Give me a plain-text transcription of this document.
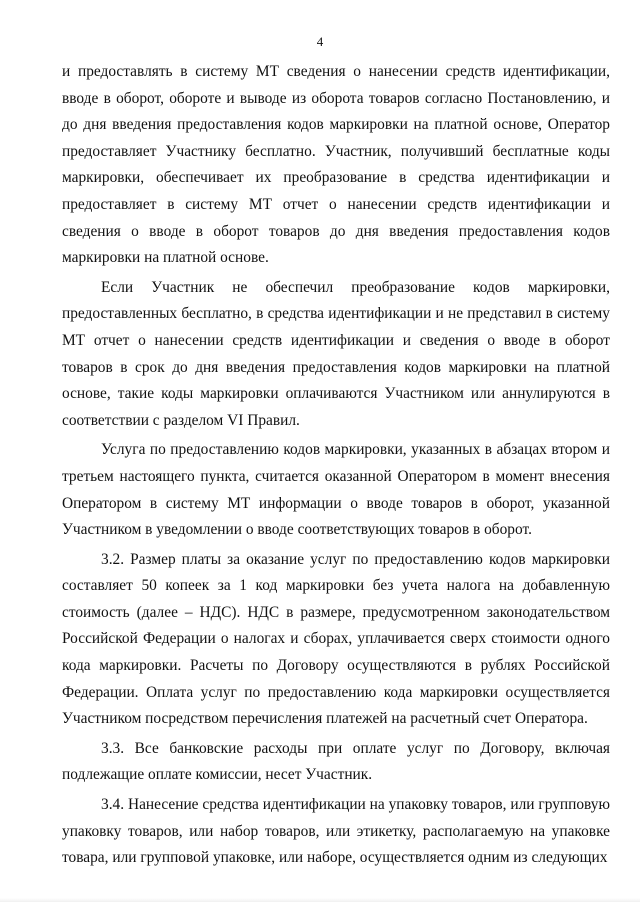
4

и предоставлять в систему МТ сведения о нанесении средств идентификации, вводе в оборот, обороте и выводе из оборота товаров согласно Постановлению, и до дня введения предоставления кодов маркировки на платной основе, Оператор предоставляет Участнику бесплатно. Участник, получивший бесплатные коды маркировки, обеспечивает их преобразование в средства идентификации и предоставляет в систему МТ отчет о нанесении средств идентификации и сведения о вводе в оборот товаров до дня введения предоставления кодов маркировки на платной основе.

Если Участник не обеспечил преобразование кодов маркировки, предоставленных бесплатно, в средства идентификации и не представил в систему МТ отчет о нанесении средств идентификации и сведения о вводе в оборот товаров в срок до дня введения предоставления кодов маркировки на платной основе, такие коды маркировки оплачиваются Участником или аннулируются в соответствии с разделом VI Правил.

Услуга по предоставлению кодов маркировки, указанных в абзацах втором и третьем настоящего пункта, считается оказанной Оператором в момент внесения Оператором в систему МТ информации о вводе товаров в оборот, указанной Участником в уведомлении о вводе соответствующих товаров в оборот.

3.2. Размер платы за оказание услуг по предоставлению кодов маркировки составляет 50 копеек за 1 код маркировки без учета налога на добавленную стоимость (далее – НДС). НДС в размере, предусмотренном законодательством Российской Федерации о налогах и сборах, уплачивается сверх стоимости одного кода маркировки. Расчеты по Договору осуществляются в рублях Российской Федерации. Оплата услуг по предоставлению кода маркировки осуществляется Участником посредством перечисления платежей на расчетный счет Оператора.

3.3. Все банковские расходы при оплате услуг по Договору, включая подлежащие оплате комиссии, несет Участник.

3.4. Нанесение средства идентификации на упаковку товаров, или групповую упаковку товаров, или набор товаров, или этикетку, располагаемую на упаковке товара, или групповой упаковке, или наборе, осуществляется одним из следующих
